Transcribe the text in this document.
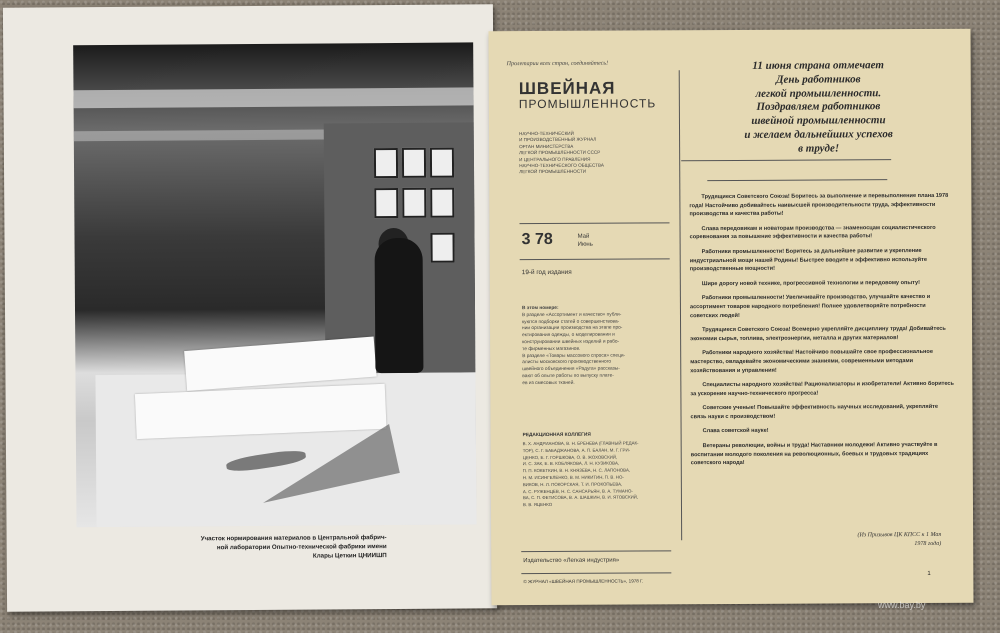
Участок нормирования материалов в Центральной фабрич-
ной лаборатории Опытно-технической фабрики имени
Клары Цеткин ЦНИИШП
Пролетарии всех стран, соединяйтесь!
ШВЕЙНАЯ
ПРОМЫШЛЕННОСТЬ
НАУЧНО-ТЕХНИЧЕСКИЙ
И ПРОИЗВОДСТВЕННЫЙ ЖУРНАЛ
ОРГАН МИНИСТЕРСТВА
ЛЕГКОЙ ПРОМЫШЛЕННОСТИ СССР
И ЦЕНТРАЛЬНОГО ПРАВЛЕНИЯ
НАУЧНО-ТЕХНИЧЕСКОГО ОБЩЕСТВА
ЛЕГКОЙ ПРОМЫШЛЕННОСТИ
3 78	Май
Июнь
19-й год издания
В этом номере:
В разделе «Ассортимент и качество» публи-
куются подборки статей о совершенствова-
нии организации производства на этапе про-
ектирования одежды, о моделировании и
конструировании швейных изделий и рабо-
те фирменных магазинов.
В разделе «Товары массового спроса» специ-
алисты московского производственного
швейного объединения «Радуга» рассказы-
вают об опыте работы по выпуску плате-
ев из смесовых тканей.
РЕДАКЦИОННАЯ КОЛЛЕГИЯ
В. Х. АНДРИАНОВА, В. Н. БРЕНЕВА (ГЛАВНЫЙ РЕДАК-
ТОР), С. Г. БАБАДЖАНОВА, А. П. БАЛАН, М. Г. ГРИ-
ЦЕНКО, Е. Г. ГОРШКОВА, О. В. ЖОХОВСКИЙ,
И. С. ЗАК, Е. В. КОБЛЯКОВА, Л. Н. КУЗИКОВА,
П. П. КОКЕТКИН, В. Н. КНЯЗЕВА, Н. С. ЛАПОНОВА,
Н. М. ИСИНГЕЛЕНКО, В. М. НИКИТИН, П. В. НО-
ВИКОВ, Н. Л. ПОКОРСКАЯ, Т. И. ПРОКОПЬЕВА,
А. С. РУЖЕНЦЕВ, Н. С. САНСАРЬЯН, В. А. ТУМАНО-
ВА, С. П. ФЕТИСОВА, В. А. ШАШКИН, В. И. ЯТОВСКИЙ,
В. В. ЯЦЕНКО
Издательство «Легкая индустрия»
© ЖУРНАЛ «ШВЕЙНАЯ ПРОМЫШЛЕННОСТЬ», 1978 Г.
11 июня страна отмечает
День работников
легкой промышленности.
Поздравляем работников
швейной промышленности
и желаем дальнейших успехов
в труде!

Трудящиеся Советского Союза! Боритесь за выполнение и перевыполнение плана 1978 года! Настойчиво добивайтесь наивысшей производительности труда, эффективности производства и качества работы!

Слава передовикам и новаторам производства — знаменосцам социалистического соревнования за повышение эффективности и качества работы!

Работники промышленности! Боритесь за дальнейшее развитие и укрепление индустриальной мощи нашей Родины! Быстрее вводите и эффективно используйте производственные мощности!

Шире дорогу новой технике, прогрессивной технологии и передовому опыту!

Работники промышленности! Увеличивайте производство, улучшайте качество и ассортимент товаров народного потребления! Полнее удовлетворяйте потребности советских людей!

Трудящиеся Советского Союза! Всемерно укрепляйте дисциплину труда! Добивайтесь экономии сырья, топлива, электроэнергии, металла и других материалов!

Работники народного хозяйства! Настойчиво повышайте свое профессиональное мастерство, овладевайте экономическими знаниями, современными методами хозяйствования и управления!

Специалисты народного хозяйства! Рационализаторы и изобретатели! Активно боритесь за ускорение научно-технического прогресса!

Советские ученые! Повышайте эффективность научных исследований, укрепляйте связь науки с производством!

Слава советской науке!

Ветераны революции, войны и труда! Наставники молодежи! Активно участвуйте в воспитании молодого поколения на революционных, боевых и трудовых традициях советского народа!

(Из Призывов ЦК КПСС к 1 Мая
1978 года)
1
www.bay.by
